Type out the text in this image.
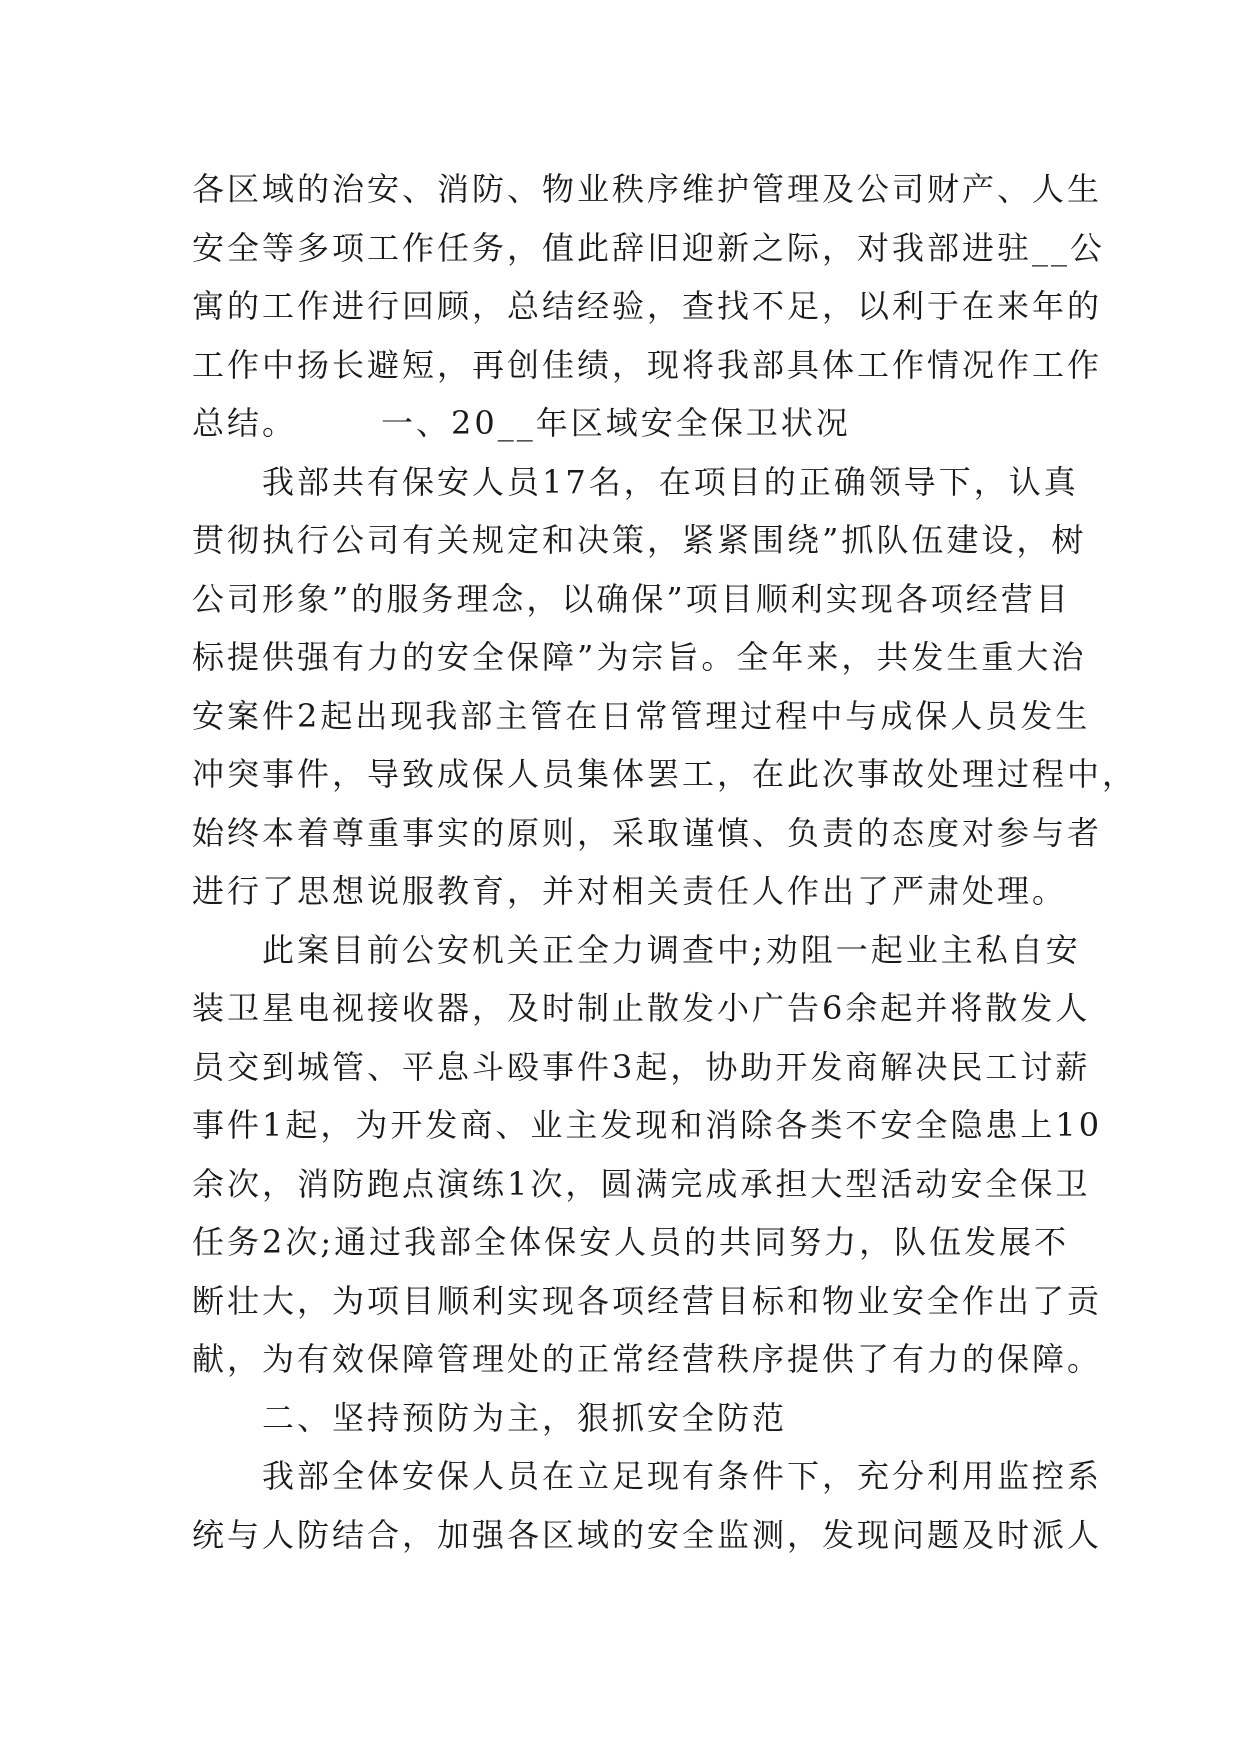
各区域的治安、消防、物业秩序维护管理及公司财产、人生
安全等多项工作任务，值此辞旧迎新之际，对我部进驻__公
寓的工作进行回顾，总结经验，查找不足，以利于在来年的
工作中扬长避短，再创佳绩，现将我部具体工作情况作工作
总结。	一、20__年区域安全保卫状况
我部共有保安人员17名，在项目的正确领导下，认真
贯彻执行公司有关规定和决策，紧紧围绕”抓队伍建设，树
公司形象”的服务理念，以确保”项目顺利实现各项经营目
标提供强有力的安全保障”为宗旨。全年来，共发生重大治
安案件2起出现我部主管在日常管理过程中与成保人员发生
冲突事件，导致成保人员集体罢工，在此次事故处理过程中，
始终本着尊重事实的原则，采取谨慎、负责的态度对参与者
进行了思想说服教育，并对相关责任人作出了严肃处理。
此案目前公安机关正全力调查中;劝阻一起业主私自安
装卫星电视接收器，及时制止散发小广告6余起并将散发人
员交到城管、平息斗殴事件3起，协助开发商解决民工讨薪
事件1起，为开发商、业主发现和消除各类不安全隐患上10
余次，消防跑点演练1次，圆满完成承担大型活动安全保卫
任务2次;通过我部全体保安人员的共同努力，队伍发展不
断壮大，为项目顺利实现各项经营目标和物业安全作出了贡
献，为有效保障管理处的正常经营秩序提供了有力的保障。
二、坚持预防为主，狠抓安全防范
我部全体安保人员在立足现有条件下，充分利用监控系
统与人防结合，加强各区域的安全监测，发现问题及时派人
